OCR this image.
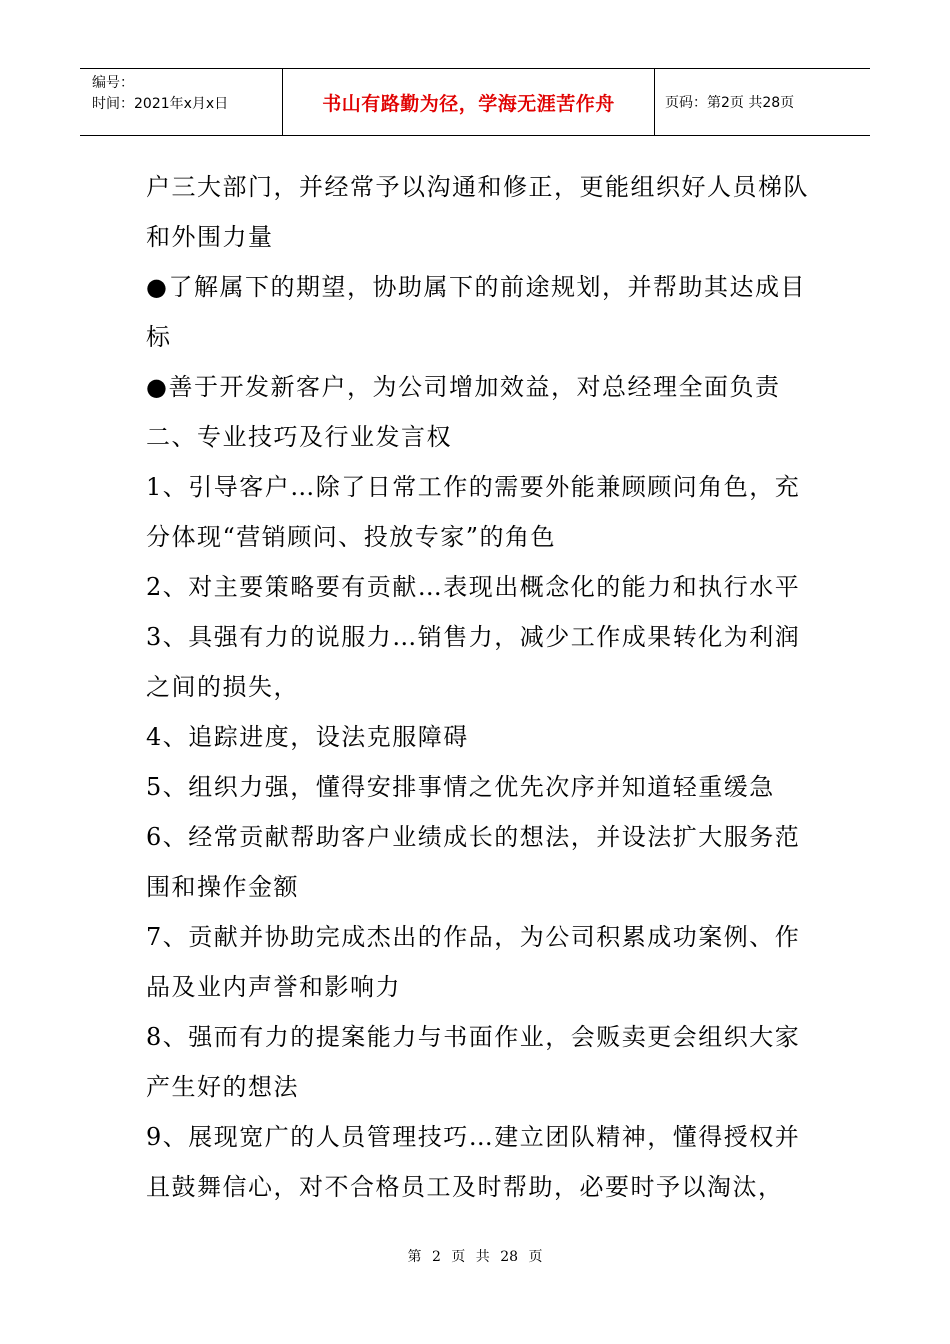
编号：
时间：2021年x月x日	书山有路勤为径，学海无涯苦作舟	页码：第2页 共28页

户三大部门，并经常予以沟通和修正，更能组织好人员梯队和外围力量

●了解属下的期望，协助属下的前途规划，并帮助其达成目标

●善于开发新客户，为公司增加效益，对总经理全面负责

二、专业技巧及行业发言权

1、引导客户…除了日常工作的需要外能兼顾顾问角色，充分体现“营销顾问、投放专家”的角色

2、对主要策略要有贡献…表现出概念化的能力和执行水平

3、具强有力的说服力…销售力，减少工作成果转化为利润之间的损失，

4、追踪进度，设法克服障碍

5、组织力强，懂得安排事情之优先次序并知道轻重缓急

6、经常贡献帮助客户业绩成长的想法，并设法扩大服务范围和操作金额

7、贡献并协助完成杰出的作品，为公司积累成功案例、作品及业内声誉和影响力

8、强而有力的提案能力与书面作业，会贩卖更会组织大家产生好的想法

9、展现宽广的人员管理技巧…建立团队精神，懂得授权并且鼓舞信心，对不合格员工及时帮助，必要时予以淘汰，

第 2 页 共 28 页
